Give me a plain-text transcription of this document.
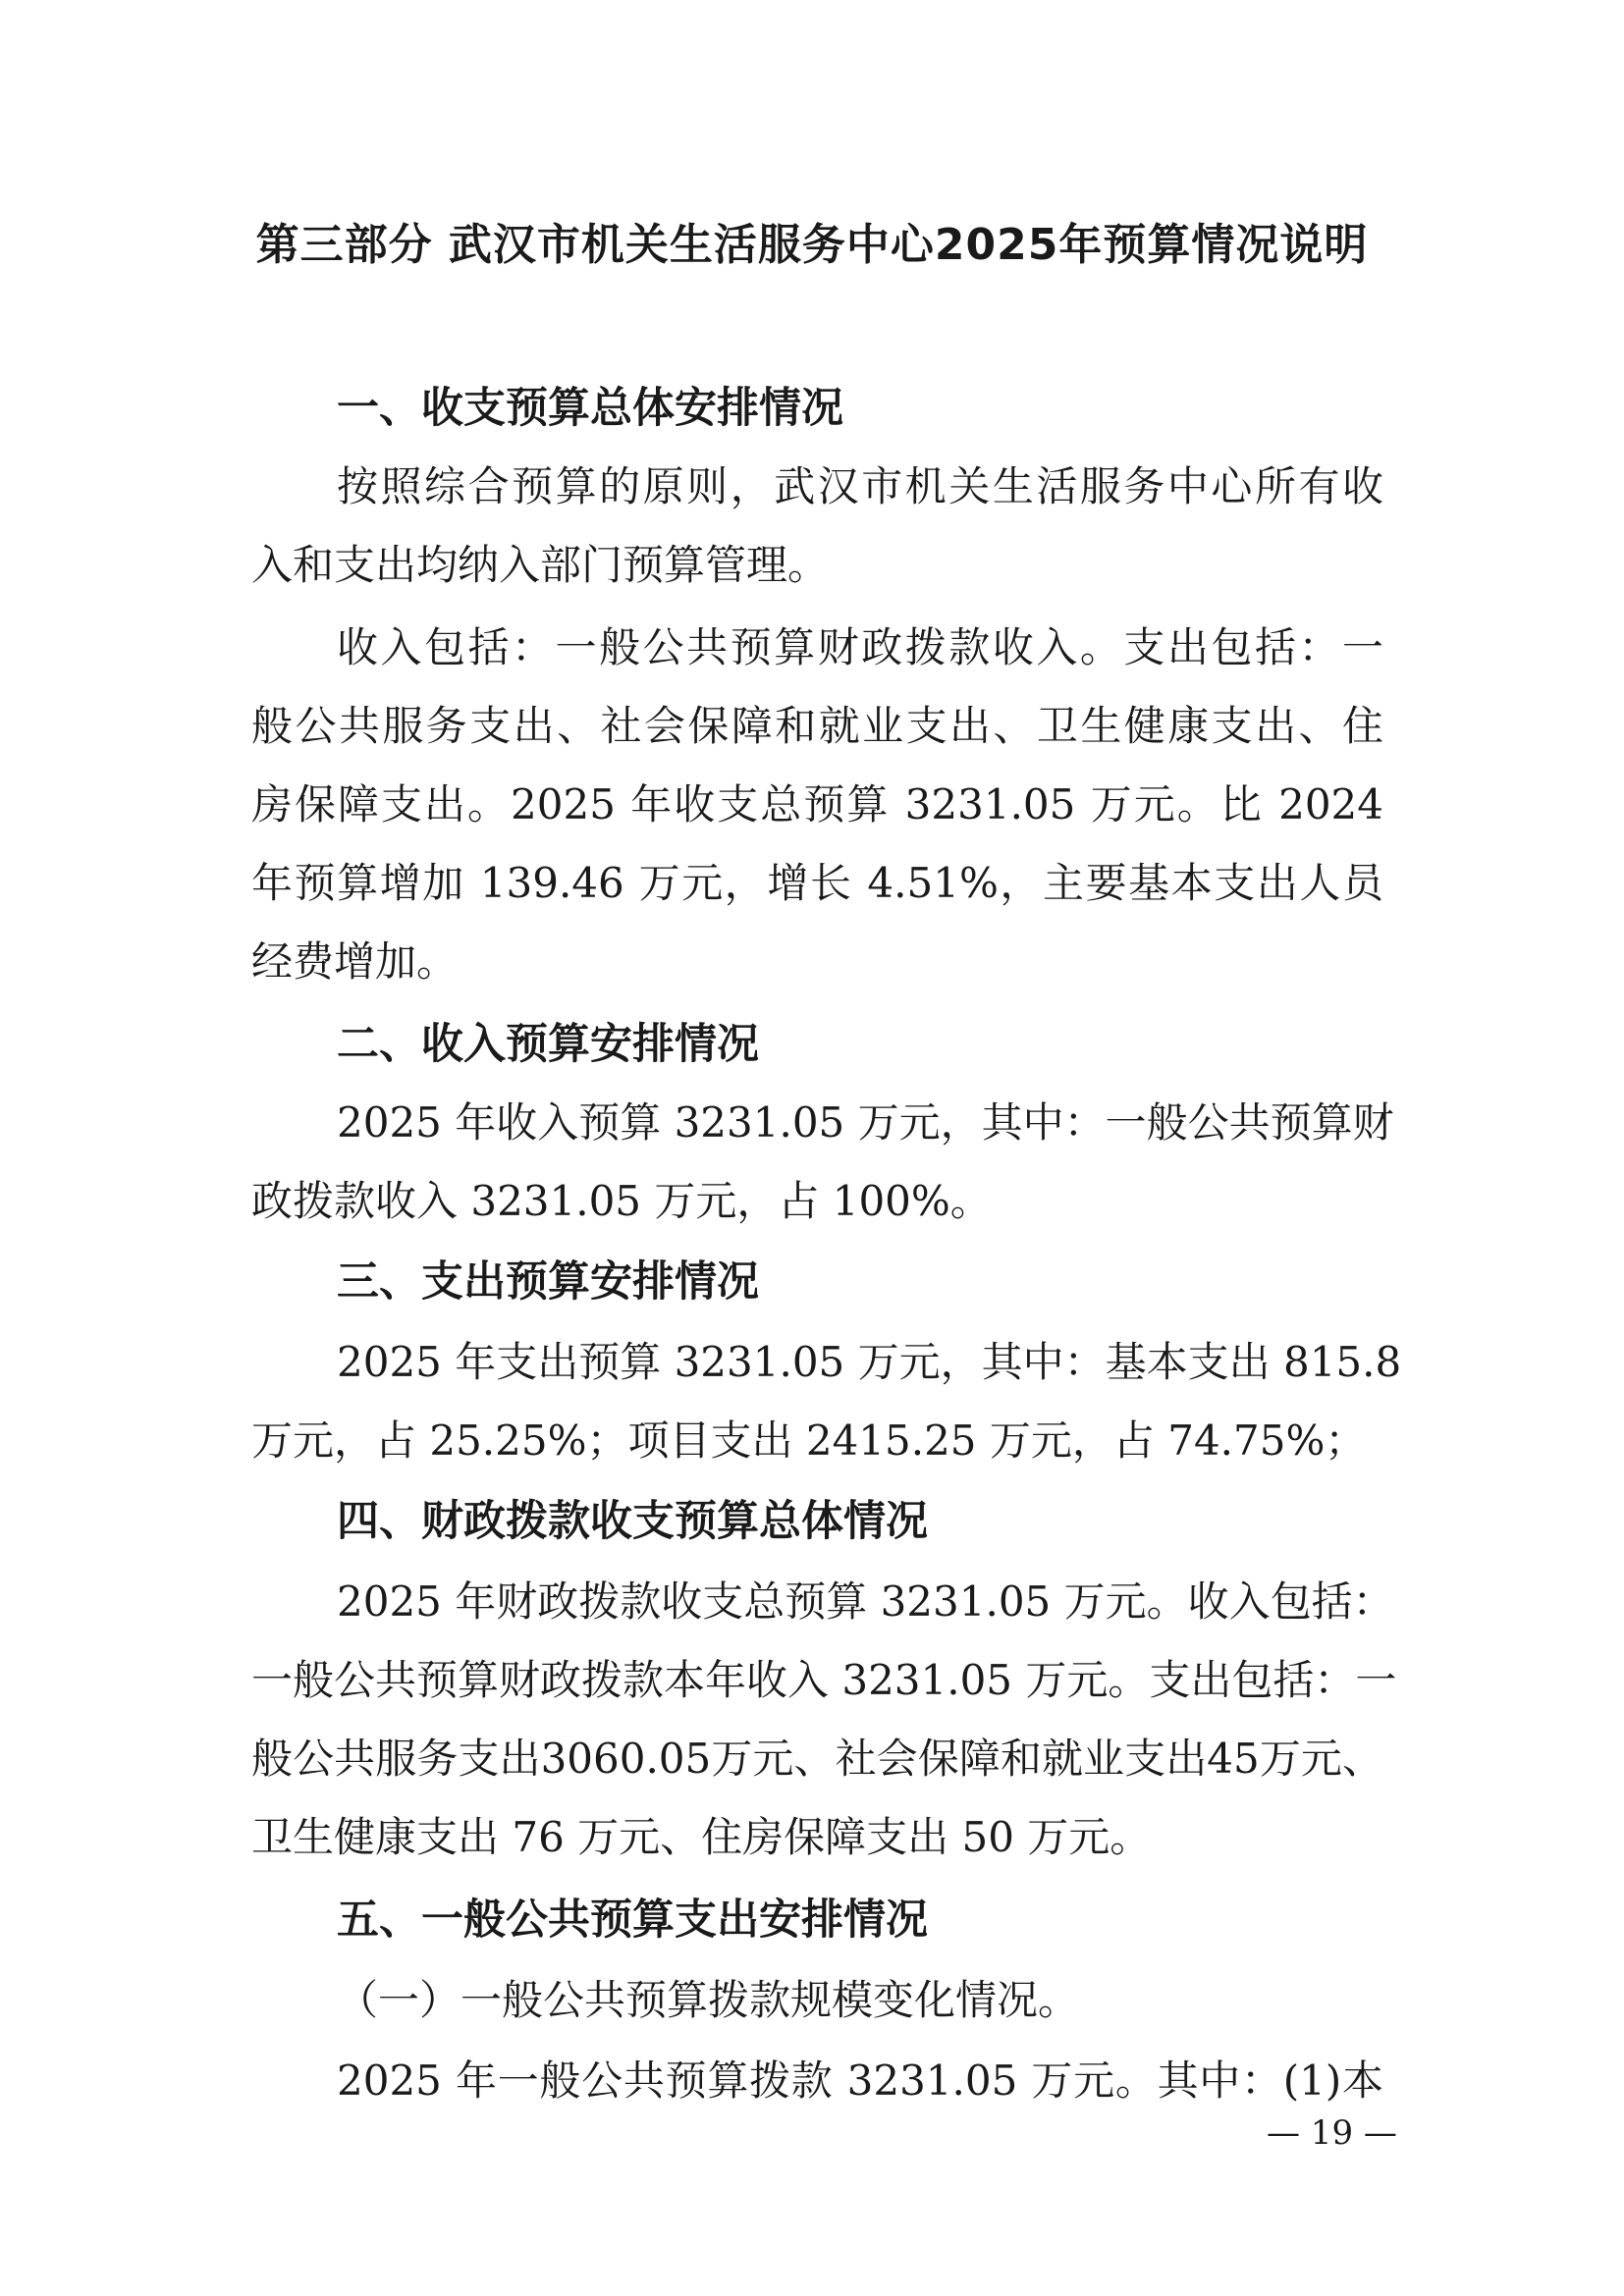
第三部分 武汉市机关生活服务中心2025年预算情况说明
一、收支预算总体安排情况
按照综合预算的原则，武汉市机关生活服务中心所有收
入和支出均纳入部门预算管理。
收入包括：一般公共预算财政拨款收入。支出包括：一
般公共服务支出、社会保障和就业支出、卫生健康支出、住
房保障支出。2025 年收支总预算 3231.05 万元。比 2024
年预算增加 139.46 万元，增长 4.51%，主要基本支出人员
经费增加。
二、收入预算安排情况
2025 年收入预算 3231.05 万元，其中：一般公共预算财
政拨款收入 3231.05 万元，占 100%。
三、支出预算安排情况
2025 年支出预算 3231.05 万元，其中：基本支出 815.8
万元，占 25.25%；项目支出 2415.25 万元，占 74.75%；
四、财政拨款收支预算总体情况
2025 年财政拨款收支总预算 3231.05 万元。收入包括：
一般公共预算财政拨款本年收入 3231.05 万元。支出包括：一
般公共服务支出3060.05万元、社会保障和就业支出45万元、
卫生健康支出 76 万元、住房保障支出 50 万元。
五、一般公共预算支出安排情况
（一）一般公共预算拨款规模变化情况。
2025 年一般公共预算拨款 3231.05 万元。其中：(1)本
— 19 —
